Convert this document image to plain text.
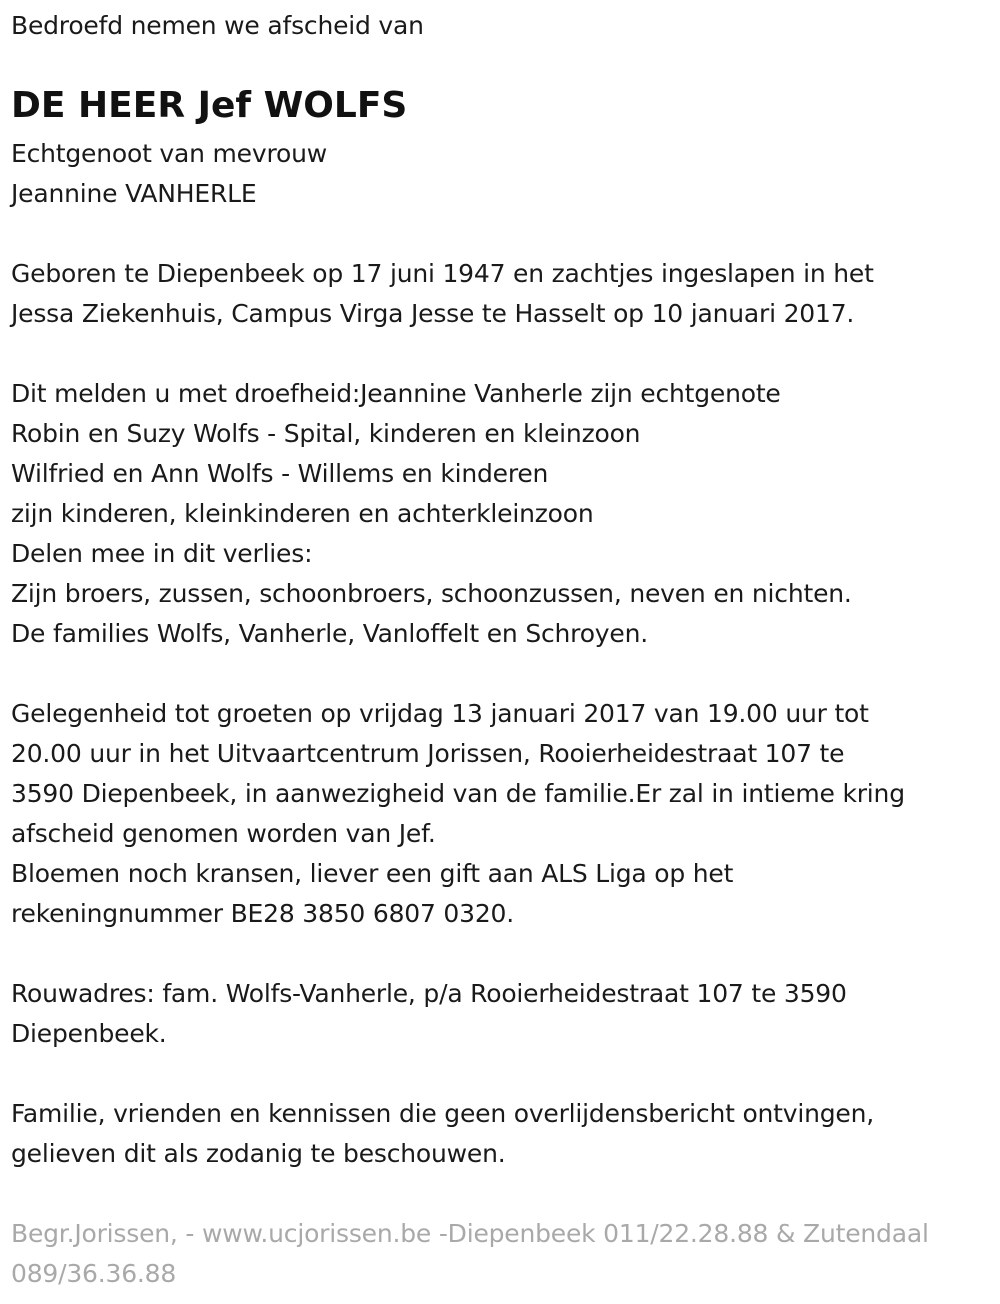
Bedroefd nemen we afscheid van
DE HEER Jef WOLFS
Echtgenoot van mevrouw
Jeannine VANHERLE
Geboren te Diepenbeek op 17 juni 1947 en zachtjes ingeslapen in het
Jessa Ziekenhuis, Campus Virga Jesse te Hasselt op 10 januari 2017.
Dit melden u met droefheid:Jeannine Vanherle zijn echtgenote
Robin en Suzy Wolfs - Spital, kinderen en kleinzoon
Wilfried en Ann Wolfs - Willems en kinderen
zijn kinderen, kleinkinderen en achterkleinzoon
Delen mee in dit verlies:
Zijn broers, zussen, schoonbroers, schoonzussen, neven en nichten.
De families Wolfs, Vanherle, Vanloffelt en Schroyen.
Gelegenheid tot groeten op vrijdag 13 januari 2017 van 19.00 uur tot
20.00 uur in het Uitvaartcentrum Jorissen, Rooierheidestraat 107 te
3590 Diepenbeek, in aanwezigheid van de familie.Er zal in intieme kring
afscheid genomen worden van Jef.
Bloemen noch kransen, liever een gift aan ALS Liga op het
rekeningnummer BE28 3850 6807 0320.
Rouwadres: fam. Wolfs-Vanherle, p/a Rooierheidestraat 107 te 3590
Diepenbeek.
Familie, vrienden en kennissen die geen overlijdensbericht ontvingen,
gelieven dit als zodanig te beschouwen.
Begr.Jorissen, - www.ucjorissen.be -Diepenbeek 011/22.28.88 & Zutendaal
089/36.36.88
